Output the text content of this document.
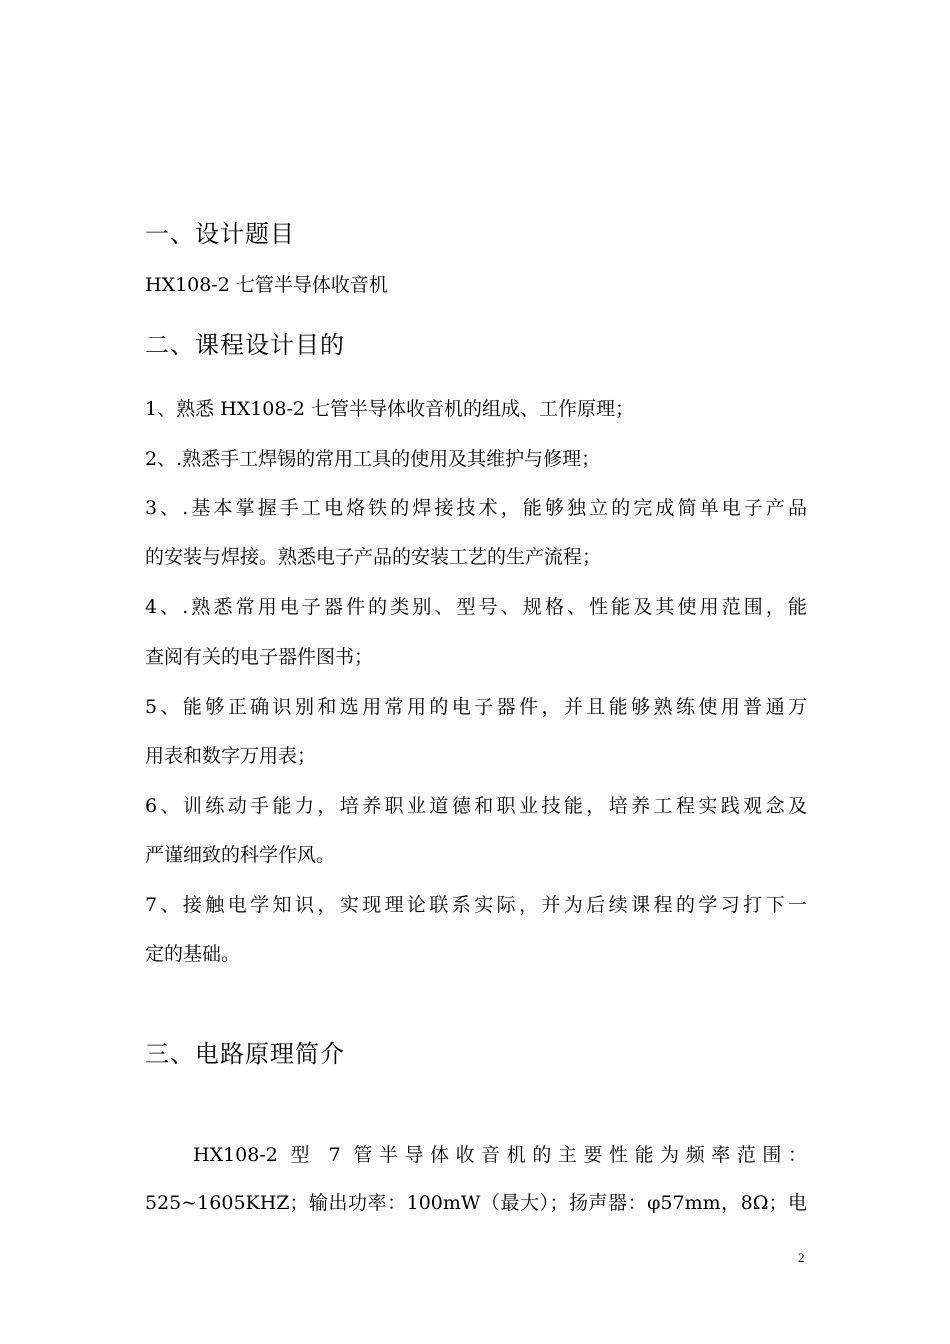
一、设计题目
HX108-2 七管半导体收音机
二、课程设计目的
1、熟悉 HX108-2 七管半导体收音机的组成、工作原理；
2、.熟悉手工焊锡的常用工具的使用及其维护与修理；
3、.基本掌握手工电烙铁的焊接技术，能够独立的完成简单电子产品
的安装与焊接。熟悉电子产品的安装工艺的生产流程；
4、.熟悉常用电子器件的类别、型号、规格、性能及其使用范围，能
查阅有关的电子器件图书；
5、能够正确识别和选用常用的电子器件，并且能够熟练使用普通万
用表和数字万用表；
6、训练动手能力，培养职业道德和职业技能，培养工程实践观念及
严谨细致的科学作风。
7、接触电学知识，实现理论联系实际，并为后续课程的学习打下一
定的基础。
三、电路原理简介
HX108-2 型 7 管半导体收音机的主要性能为频率范围：
525~1605KHZ；输出功率：100mW（最大）；扬声器：φ57mm，8Ω；电
2
